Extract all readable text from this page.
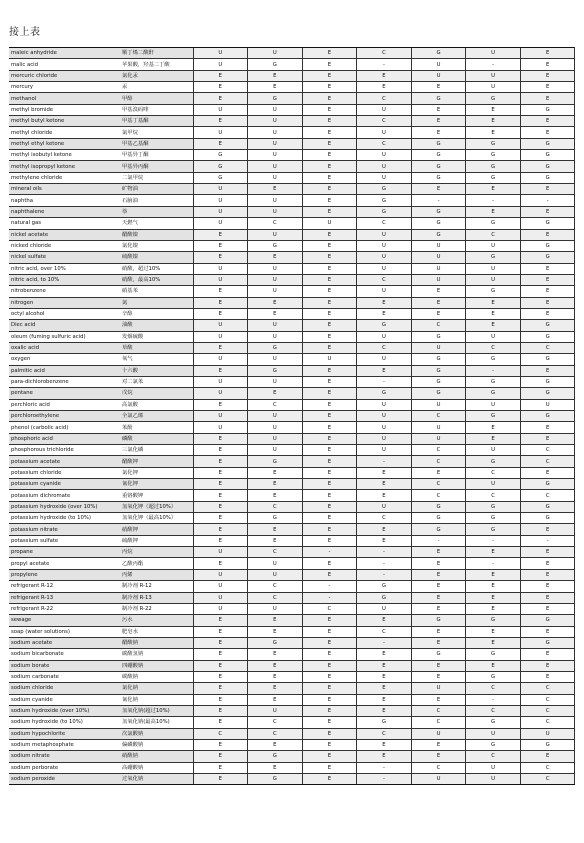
接上表
maleic anhydride	顺丁烯二酸酐	U	U	E	C	G	U	E
malic acid	苹果酸，羟基二丁酸	U	G	E	-	U	-	E
mercuric chloride	氯化汞	E	E	E	E	U	U	E
mercury	汞	E	E	E	E	E	U	E
methanol	甲醇	E	G	E	C	G	G	E
methyl bromide	甲基溴码啡	U	U	E	U	E	E	G
methyl butyl ketone	甲基丁基酮	E	U	E	C	E	E	E
methyl chloride	氯甲烷	U	U	E	U	E	E	E
methyl ethyl ketone	甲基乙基酮	E	U	E	C	G	G	G
methyl isobutyl ketone	甲基异丁酮	G	U	E	U	G	G	G
methyl isopropyl ketone	甲基异丙酮	G	U	E	U	G	G	G
methylene chloride	二氯甲烷	G	U	E	U	G	G	G
mineral oils	矿物油	U	E	E	G	E	E	E
naphtha	石脑油	U	U	E	G	-	-	-
naphthalene	萘	U	U	E	G	G	E	E
natural gas	天燃气	U	C	U	C	G	G	G
nickel acetate	醋酸镍	E	U	E	U	G	C	E
nicked chloride	氯化镍	E	G	E	U	U	U	G
nickel sulfate	硫酸镍	E	E	E	U	U	G	G
nitric acid, over 10%	硝酸，超过10%	U	U	E	U	U	U	E
nitric acid, to 10%	硝酸，最高10%	U	U	E	C	U	U	E
nitrobenzene	硝基苯	E	U	E	U	E	G	E
nitrogen	氮	E	E	E	E	E	E	E
octyl alcohol	辛醇	E	E	E	E	E	E	E
Diec acid	油酸	U	U	E	G	C	E	G
oleum (fuming sulfuric acid)	发烟硫酸	U	U	E	U	G	U	G
oxalic acid	草酸	E	G	E	C	U	C	C
oxygen	氧气	U	U	U	U	G	G	G
palmitic acid	十六酸	E	G	E	E	G	-	E
para-dichlorobenzene	对二氯苯	U	U	E	-	G	G	G
pentane	戊烷	U	E	E	G	G	G	G
perchloric acid	高氯酸	E	C	E	U	U	U	U
perchloroethylene	全氯乙烯	U	U	E	U	C	G	G
phenol (carbolic acid)	苯酚	U	U	E	U	U	E	E
phosphoric acid	磷酸	E	U	E	U	U	E	E
phosphorous trichloride	三氯化磷	E	U	E	U	C	U	C
potassium acetate	醋酸钾	E	G	E	-	C	G	C
potassium chloride	氯化钾	E	E	E	E	E	C	E
potassium cyanide	氰化钾	E	E	E	E	C	U	G
potassium dichromate	重铬酸钾	E	E	E	E	C	C	C
potassium hydroxide (over 10%)	氢氧化钾（超过10%）	E	C	E	U	G	G	G
potassium hydroxide (to 10%)	氢氧化钾（最高10%）	E	G	E	C	G	G	G
potassium nitrate	硝酸钾	E	E	E	E	G	G	E
potassium sulfate	硫酸钾	E	E	E	E	-	-	-
propane	丙烷	U	C	-	-	E	E	E
propyl acetate	乙酸丙酯	E	U	E	-	E	-	E
propylene	丙烯	U	U	E	-	E	E	E
refrigerant R-12	制冷剂 R-12	U	C	-	G	E	E	E
refrigerant R-13	制冷剂 R-13	U	C	-	G	E	E	E
refrigerant R-22	制冷剂 R-22	U	U	C	U	E	E	E
sewage	污水	E	E	E	E	G	G	G
soap (water solutions)	肥皂水	E	E	E	C	E	E	E
sodium acetate	醋酸钠	E	G	E	-	E	E	G
sodium bicarbonate	碳酸氢钠	E	E	E	E	G	G	E
sodium borate	四硼酸钠	E	E	E	E	E	E	E
sodium carbonate	碳酸钠	E	E	E	E	E	G	E
sodium chloride	氯化钠	E	E	E	E	U	C	C
sodium cyanide	氰化钠	E	E	E	E	E	-	C
sodium hydroxide (over 10%)	氢氧化钠(超过10%)	E	U	E	E	C	C	C
sodium hydroxide (to 10%)	氢氧化钠(最高10%)	E	C	E	G	C	G	C
sodium hypochlorite	次氯酸钠	C	C	E	C	U	U	U
sodium metaphosphate	偏磷酸钠	E	E	E	E	E	G	G
sodium nitrate	硝酸钠	E	G	E	E	E	C	E
sodium perborate	高硼酸钠	E	E	E	-	C	U	C
sodium peroxide	过氧化钠	E	G	E	-	U	U	C
